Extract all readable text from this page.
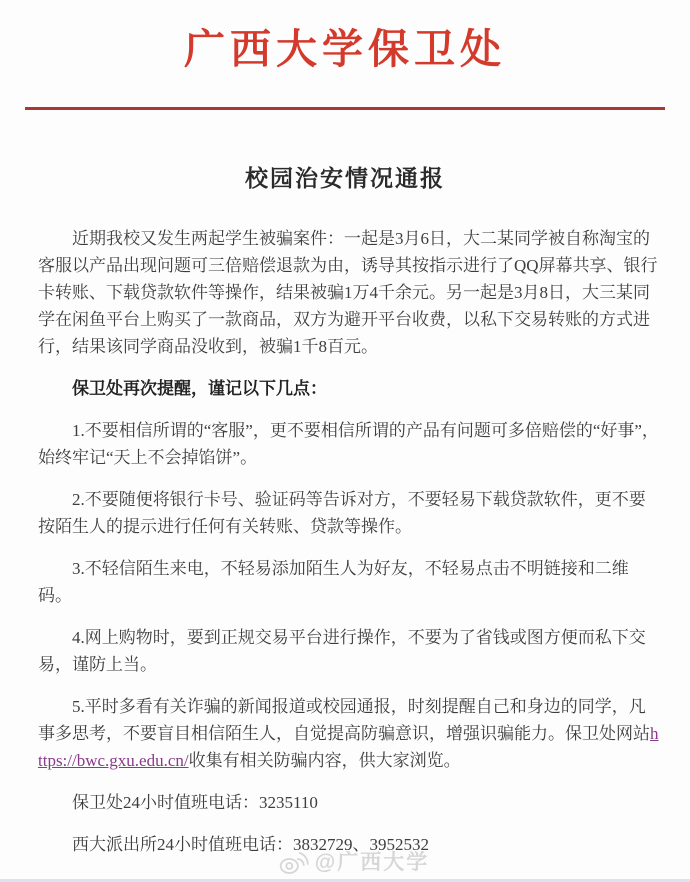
广西大学保卫处
校园治安情况通报

近期我校又发生两起学生被骗案件：一起是3月6日，大二某同学被自称淘宝的客服以产品出现问题可三倍赔偿退款为由，诱导其按指示进行了QQ屏幕共享、银行卡转账、下载贷款软件等操作，结果被骗1万4千余元。另一起是3月8日，大三某同学在闲鱼平台上购买了一款商品，双方为避开平台收费，以私下交易转账的方式进行，结果该同学商品没收到，被骗1千8百元。

保卫处再次提醒，谨记以下几点：

1.不要相信所谓的“客服”，更不要相信所谓的产品有问题可多倍赔偿的“好事”，始终牢记“天上不会掉馅饼”。

2.不要随便将银行卡号、验证码等告诉对方，不要轻易下载贷款软件，更不要按陌生人的提示进行任何有关转账、贷款等操作。

3.不轻信陌生来电，不轻易添加陌生人为好友，不轻易点击不明链接和二维码。

4.网上购物时，要到正规交易平台进行操作，不要为了省钱或图方便而私下交易，谨防上当。

5.平时多看有关诈骗的新闻报道或校园通报，时刻提醒自己和身边的同学，凡事多思考，不要盲目相信陌生人，自觉提高防骗意识，增强识骗能力。保卫处网站https://bwc.gxu.edu.cn/收集有相关防骗内容，供大家浏览。

保卫处24小时值班电话：3235110

西大派出所24小时值班电话：3832729、3952532

@广西大学
